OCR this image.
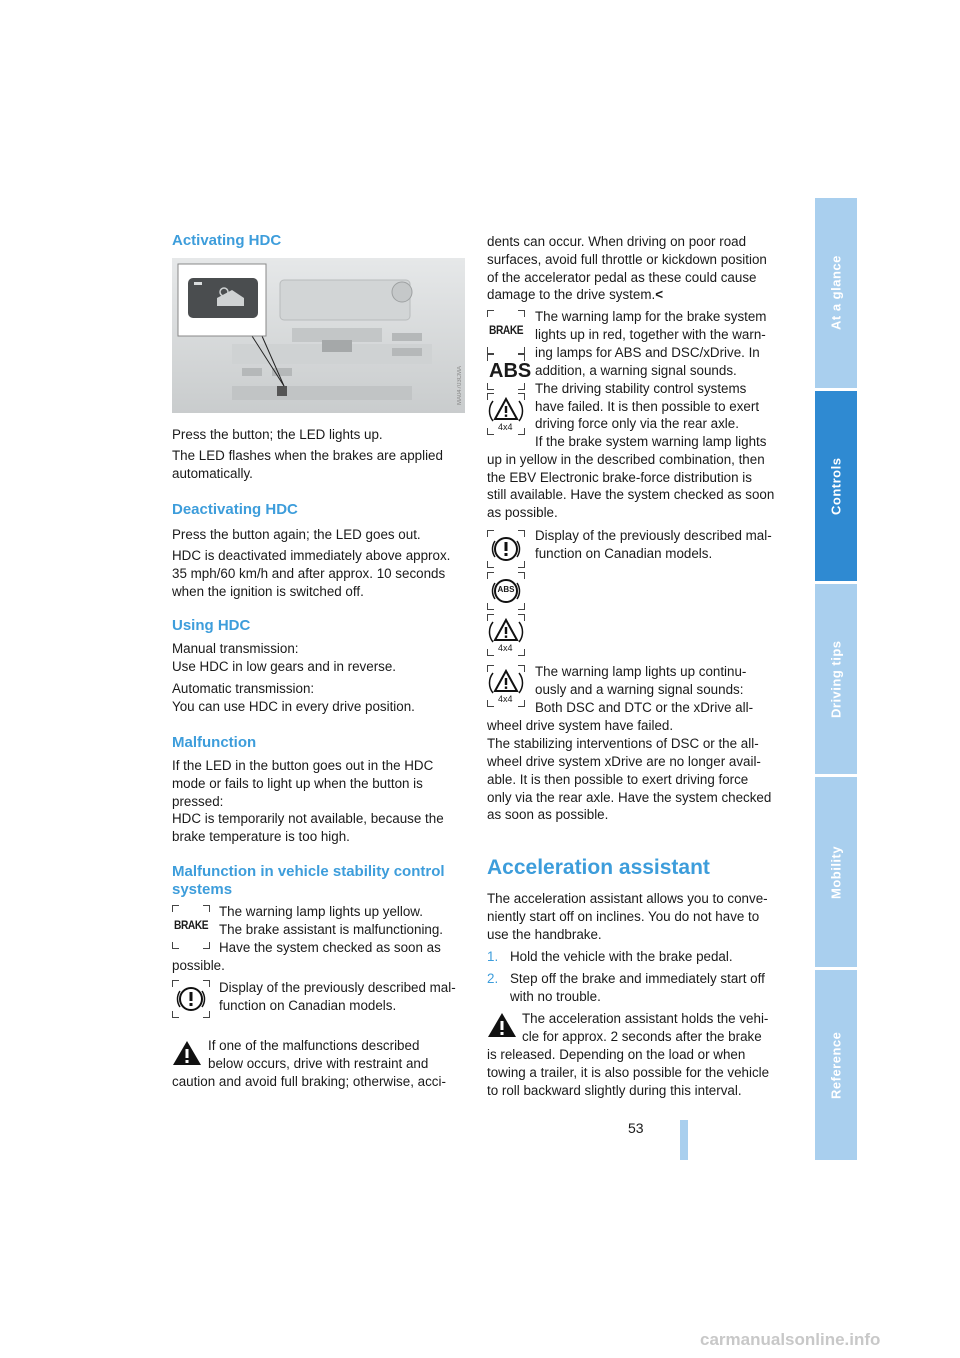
At a glance
Controls
Driving tips
Mobility
Reference
53
Activating HDC
MA04703CMA
Press the button; the LED lights up.
The LED flashes when the brakes are applied
automatically.
Deactivating HDC
Press the button again; the LED goes out.
HDC is deactivated immediately above approx.
35 mph/60 km/h and after approx. 10 seconds
when the ignition is switched off.
Using HDC
Manual transmission:
Use HDC in low gears and in reverse.
Automatic transmission:
You can use HDC in every drive position.
Malfunction
If the LED in the button goes out in the HDC
mode or fails to light up when the button is
pressed:
HDC is temporarily not available, because the
brake temperature is too high.
Malfunction in vehicle stability control
systems
BRAKE
The warning lamp lights up yellow.
The brake assistant is malfunctioning.
Have the system checked as soon as
possible.
Display of the previously described mal-
function on Canadian models.
If one of the malfunctions described
below occurs, drive with restraint and
caution and avoid full braking; otherwise, acci-
dents can occur. When driving on poor road
surfaces, avoid full throttle or kickdown position
of the accelerator pedal as these could cause
damage to the drive system.<
BRAKE
ABS
4x4
The warning lamp for the brake system
lights up in red, together with the warn-
ing lamps for ABS and DSC/xDrive. In
addition, a warning signal sounds.
The driving stability control systems
have failed. It is then possible to exert
driving force only via the rear axle.
If the brake system warning lamp lights
up in yellow in the described combination, then
the EBV Electronic brake-force distribution is
still available. Have the system checked as soon
as possible.
ABS
4x4
Display of the previously described mal-
function on Canadian models.
4x4
The warning lamp lights up continu-
ously and a warning signal sounds:
Both DSC and DTC or the xDrive all-
wheel drive system have failed.
The stabilizing interventions of DSC or the all-
wheel drive system xDrive are no longer avail-
able. It is then possible to exert driving force
only via the rear axle. Have the system checked
as soon as possible.
Acceleration assistant
The acceleration assistant allows you to conve-
niently start off on inclines. You do not have to
use the handbrake.
1. Hold the vehicle with the brake pedal.
2. Step off the brake and immediately start off
with no trouble.
The acceleration assistant holds the vehi-
cle for approx. 2 seconds after the brake
is released. Depending on the load or when
towing a trailer, it is also possible for the vehicle
to roll backward slightly during this interval.
carmanualsonline.info
